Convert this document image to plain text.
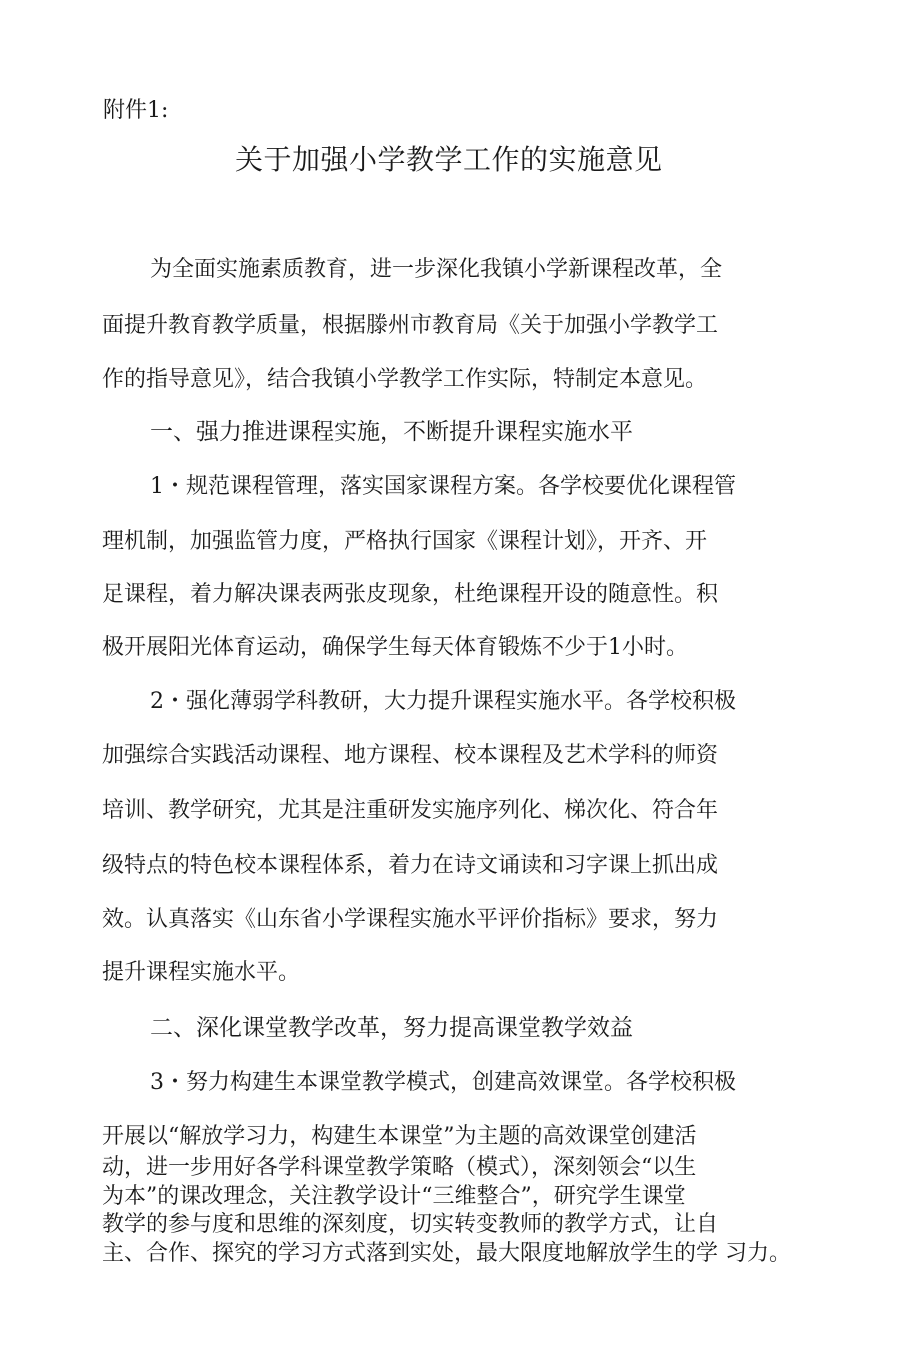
附件1:
关于加强小学教学工作的实施意见
为全面实施素质教育，进一步深化我镇小学新课程改革，全
面提升教育教学质量，根据滕州市教育局《关于加强小学教学工
作的指导意见》，结合我镇小学教学工作实际，特制定本意见。
一、强力推进课程实施，不断提升课程实施水平
1・规范课程管理，落实国家课程方案。各学校要优化课程管
理机制，加强监管力度，严格执行国家《课程计划》，开齐、开
足课程，着力解决课表两张皮现象，杜绝课程开设的随意性。积
极开展阳光体育运动，确保学生每天体育锻炼不少于1小时。
2・强化薄弱学科教研，大力提升课程实施水平。各学校积极
加强综合实践活动课程、地方课程、校本课程及艺术学科的师资
培训、教学研究，尤其是注重研发实施序列化、梯次化、符合年
级特点的特色校本课程体系，着力在诗文诵读和习字课上抓出成
效。认真落实《山东省小学课程实施水平评价指标》要求，努力
提升课程实施水平。
二、深化课堂教学改革，努力提高课堂教学效益
3・努力构建生本课堂教学模式，创建高效课堂。各学校积极
开展以“解放学习力，构建生本课堂”为主题的高效课堂创建活
动，进一步用好各学科课堂教学策略（模式），深刻领会“以生
为本”的课改理念，关注教学设计“三维整合”，研究学生课堂
教学的参与度和思维的深刻度，切实转变教师的教学方式，让自
主、合作、探究的学习方式落到实处，最大限度地解放学生的学 习力。
